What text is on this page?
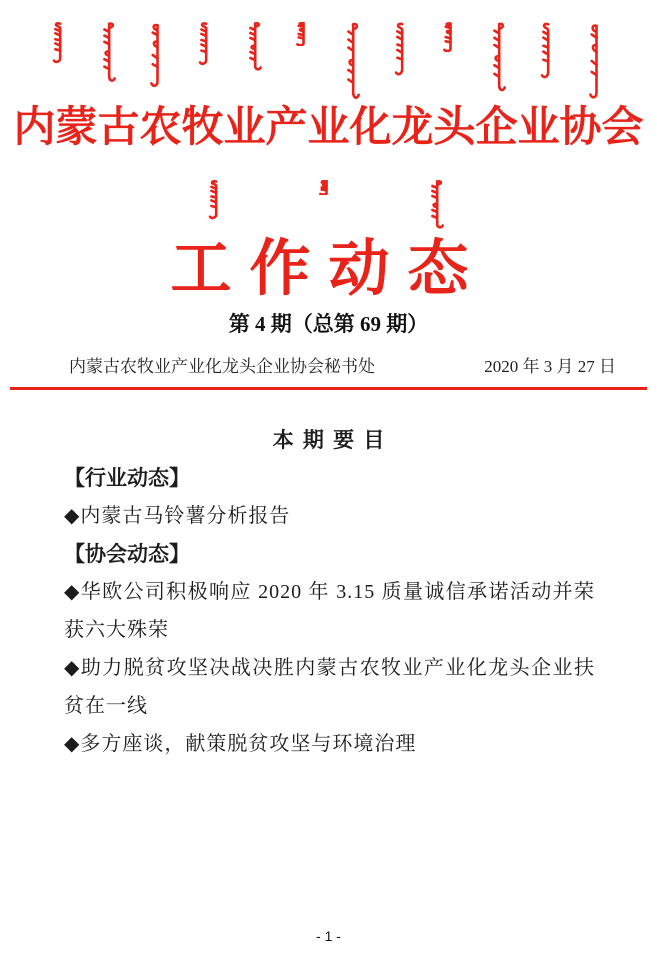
内蒙古农牧业产业化龙头企业协会
工作动态
第 4 期（总第 69 期）
内蒙古农牧业产业化龙头企业协会秘书处	2020 年 3 月 27 日

本 期 要 目

【行业动态】

◆内蒙古马铃薯分析报告

【协会动态】

◆华欧公司积极响应 2020 年 3.15 质量诚信承诺活动并荣获六大殊荣

◆助力脱贫攻坚决战决胜内蒙古农牧业产业化龙头企业扶贫在一线

◆多方座谈，献策脱贫攻坚与环境治理

- 1 -
